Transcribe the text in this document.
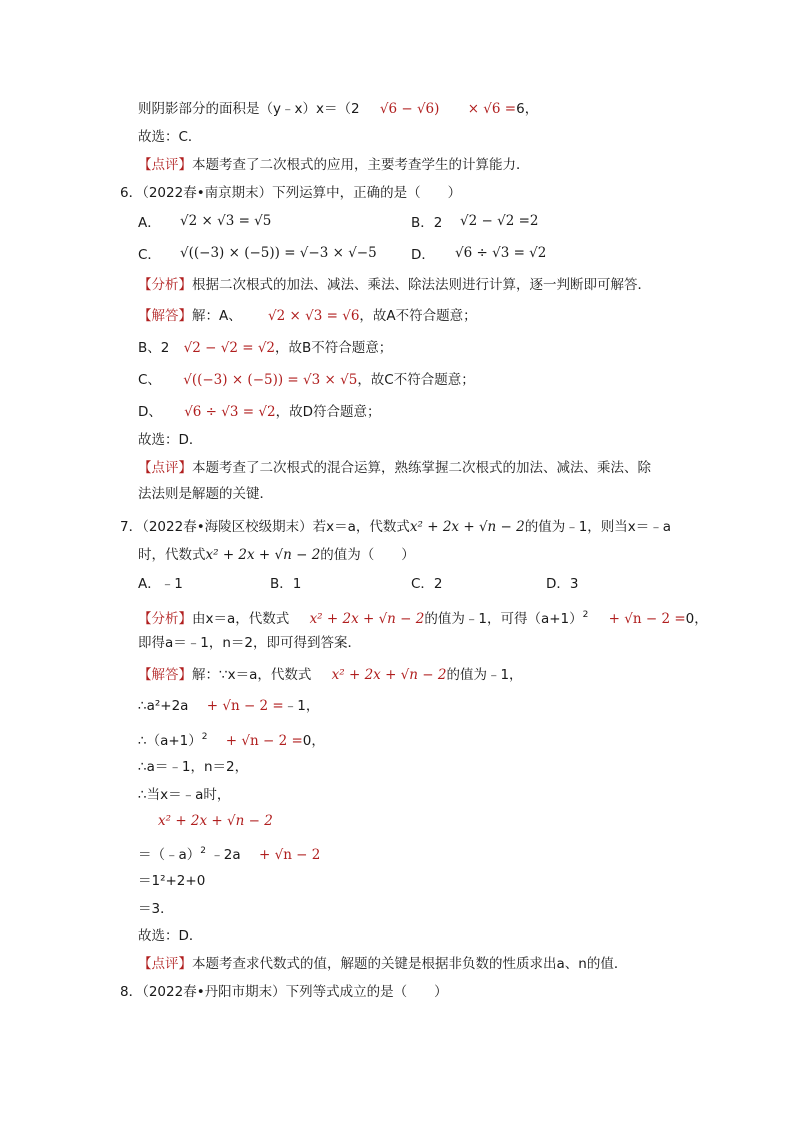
则阴影部分的面积是（y﹣x）x＝（2 √6 − √6) × √6 =6，
故选：C．
【点评】本题考查了二次根式的应用，主要考查学生的计算能力．
6．（2022春•南京期末）下列运算中，正确的是（　　）
A． √2 × √3 = √5	B．2 √2 − √2 =2
C． √((−3) × (−5)) = √−3 × √−5	D． √6 ÷ √3 = √2
【分析】根据二次根式的加法、减法、乘法、除法法则进行计算，逐一判断即可解答．
【解答】解：A、 √2 × √3 = √6，故A不符合题意；
B、2 √2 − √2 = √2，故B不符合题意；
C、 √((−3) × (−5)) = √3 × √5，故C不符合题意；
D、 √6 ÷ √3 = √2，故D符合题意；
故选：D．
【点评】本题考查了二次根式的混合运算，熟练掌握二次根式的加法、减法、乘法、除
法法则是解题的关键．
7．（2022春•海陵区校级期末）若x＝a，代数式x² + 2x + √n − 2的值为﹣1，则当x＝﹣a
时，代数式x² + 2x + √n − 2的值为（　　）
A．﹣1	B．1	C．2	D．3
【分析】由x＝a，代数式 x² + 2x + √n − 2的值为﹣1，可得$(a+1)^2 + √n - 2 =0$，
即得a＝﹣1，n＝2，即可得到答案．
【解答】解：∵x＝a，代数式 x² + 2x + √n − 2的值为﹣1，
∴a²+2a + √n − 2 =﹣1，
$\therefore(a+1)^2 + √n - 2 =0$，
∴a＝﹣1，n＝2，
∴当x＝﹣a时，
x² + 2x + √n − 2
＝（﹣a）$^2$ ﹣2a + √n − 2
＝1²+2+0
＝3．
故选：D．
【点评】本题考查求代数式的值，解题的关键是根据非负数的性质求出a、n的值．
8．（2022春•丹阳市期末）下列等式成立的是（　　）
